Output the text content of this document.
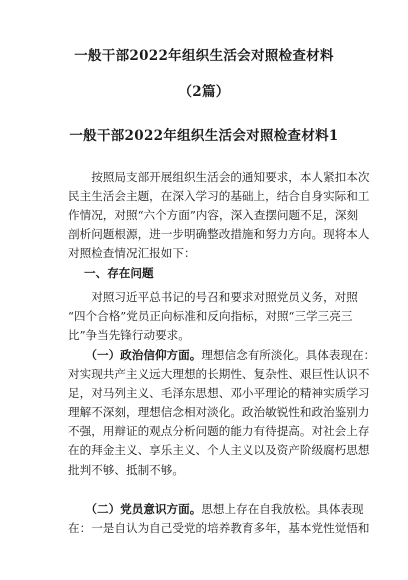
一般干部2022年组织生活会对照检查材料
（2篇）
一般干部2022年组织生活会对照检查材料1
　　按照局支部开展组织生活会的通知要求，本人紧扣本次
民主生活会主题，在深入学习的基础上，结合自身实际和工
作情况，对照“六个方面”内容，深入查摆问题不足，深刻
剖析问题根源，进一步明确整改措施和努力方向。现将本人
对照检查情况汇报如下：
一、存在问题
　　对照习近平总书记的号召和要求对照党员义务，对照
“四个合格”党员正向标准和反向指标，对照“三学三亮三
比”争当先锋行动要求。
　　（一）政治信仰方面。理想信念有所淡化。具体表现在：
对实现共产主义远大理想的长期性、复杂性、艰巨性认识不
足，对马列主义、毛泽东思想、邓小平理论的精神实质学习
理解不深刻，理想信念相对淡化。政治敏锐性和政治鉴别力
不强，用辩证的观点分析问题的能力有待提高。对社会上存
在的拜金主义、享乐主义、个人主义以及资产阶级腐朽思想
批判不够、抵制不够。
　　（二）党员意识方面。思想上存在自我放松。具体表现
在：一是自认为自己受党的培养教育多年，基本党性觉悟和
